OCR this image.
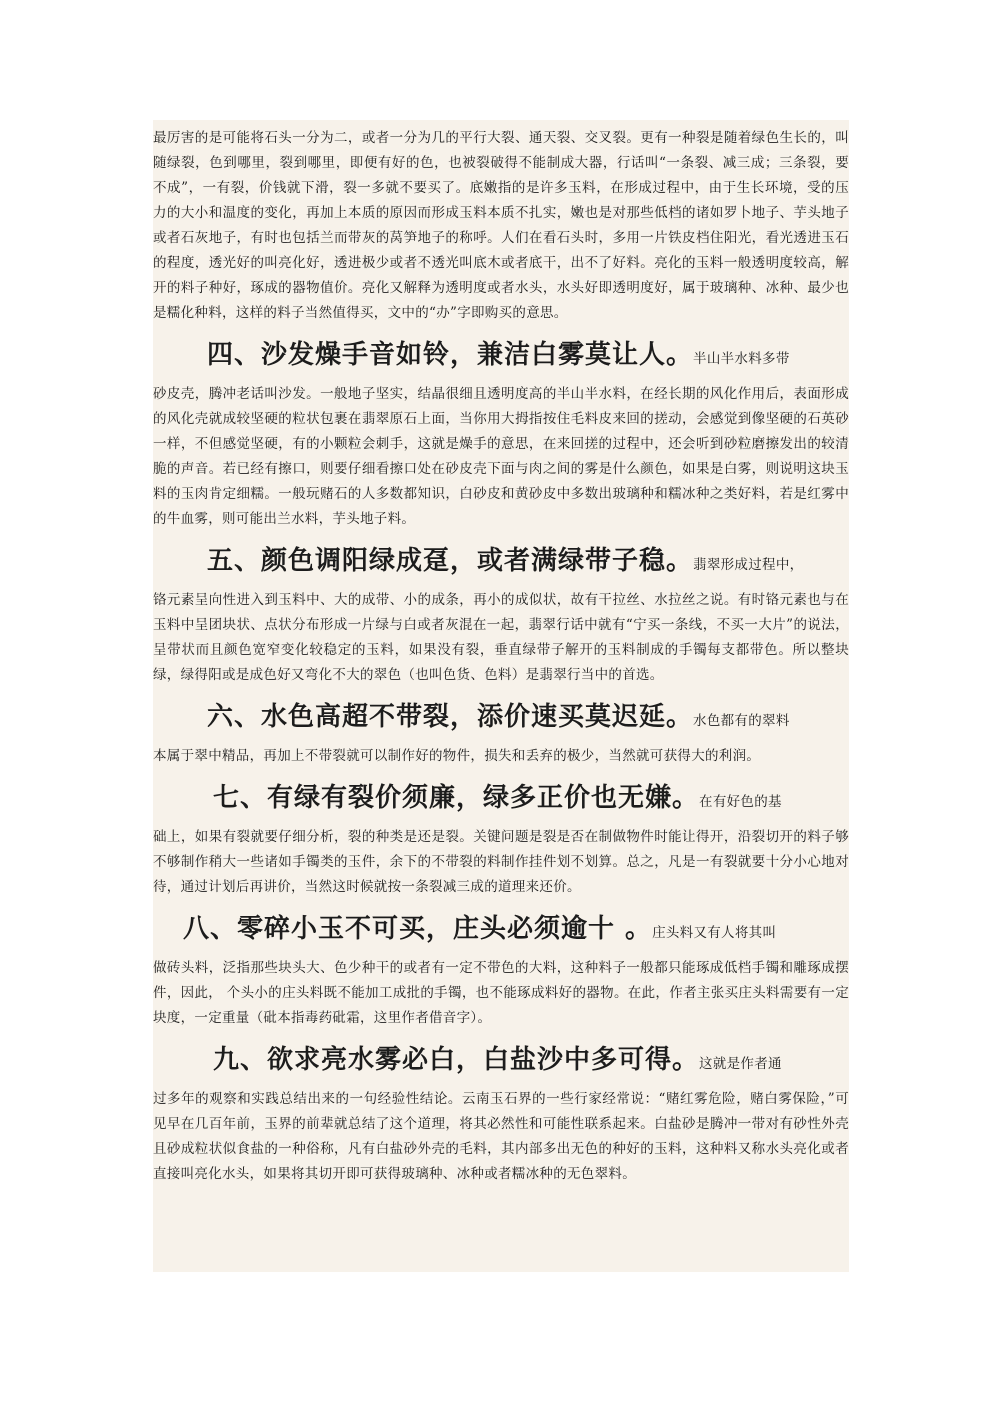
最厉害的是可能将石头一分为二，或者一分为几的平行大裂、通天裂、交叉裂。更有一种裂是随着绿色生长的，叫随绿裂，色到哪里，裂到哪里，即便有好的色，也被裂破得不能制成大器，行话叫“一条裂、减三成；三条裂，要不成”，一有裂，价钱就下滑，裂一多就不要买了。底嫩指的是许多玉料，在形成过程中，由于生长环境，受的压力的大小和温度的变化，再加上本质的原因而形成玉料本质不扎实，嫩也是对那些低档的诸如罗卜地子、芋头地子或者石灰地子，有时也包括兰而带灰的莴笋地子的称呼。人们在看石头时，多用一片铁皮档住阳光，看光透进玉石的程度，透光好的叫亮化好，透进极少或者不透光叫底木或者底干，出不了好料。亮化的玉料一般透明度较高，解开的料子种好，琢成的器物值价。亮化又解释为透明度或者水头，水头好即透明度好，属于玻璃种、冰种、最少也是糯化种料，这样的料子当然值得买，文中的“办”字即购买的意思。

四、沙发燥手音如铃，兼洁白雾莫让人。半山半水料多带

砂皮壳，腾冲老话叫沙发。一般地子坚实，结晶很细且透明度高的半山半水料，在经长期的风化作用后，表面形成的风化壳就成较坚硬的粒状包裹在翡翠原石上面，当你用大拇指按住毛料皮来回的搓动，会感觉到像坚硬的石英砂一样，不但感觉坚硬，有的小颗粒会刺手，这就是燥手的意思，在来回搓的过程中，还会听到砂粒磨擦发出的较清脆的声音。若已经有擦口，则要仔细看擦口处在砂皮壳下面与肉之间的雾是什么颜色，如果是白雾，则说明这块玉料的玉肉肯定细糯。一般玩赌石的人多数都知识，白砂皮和黄砂皮中多数出玻璃种和糯冰种之类好料，若是红雾中的牛血雾，则可能出兰水料，芋头地子料。

五、颜色调阳绿成趸，或者满绿带子稳。翡翠形成过程中，

铬元素呈向性进入到玉料中、大的成带、小的成条，再小的成似状，故有干拉丝、水拉丝之说。有时铬元素也与在玉料中呈团块状、点状分布形成一片绿与白或者灰混在一起，翡翠行话中就有“宁买一条线，不买一大片”的说法，呈带状而且颜色宽窄变化较稳定的玉料，如果没有裂，垂直绿带子解开的玉料制成的手镯每支都带色。所以整块绿，绿得阳或是成色好又弯化不大的翠色（也叫色货、色料）是翡翠行当中的首选。

六、水色高超不带裂，添价速买莫迟延。水色都有的翠料

本属于翠中精品，再加上不带裂就可以制作好的物件，损失和丢弃的极少，当然就可获得大的利润。

七、有绿有裂价须廉，绿多正价也无嫌。在有好色的基

础上，如果有裂就要仔细分析，裂的种类是还是裂。关键问题是裂是否在制做物件时能让得开，沿裂切开的料子够不够制作稍大一些诸如手镯类的玉件，余下的不带裂的料制作挂件划不划算。总之，凡是一有裂就要十分小心地对待，通过计划后再讲价，当然这时候就按一条裂减三成的道理来还价。

八、零碎小玉不可买，庄头必须逾十 。庄头料又有人将其叫

做砖头料，泛指那些块头大、色少种干的或者有一定不带色的大料，这种料子一般都只能琢成低档手镯和雕琢成摆件，因此， 个头小的庄头料既不能加工成批的手镯，也不能琢成料好的器物。在此，作者主张买庄头料需要有一定块度，一定重量（砒本指毒药砒霜，这里作者借音字）。

九、欲求亮水雾必白，白盐沙中多可得。这就是作者通

过多年的观察和实践总结出来的一句经验性结论。云南玉石界的一些行家经常说：“赌红雾危险，赌白雾保险，”可见早在几百年前，玉界的前辈就总结了这个道理，将其必然性和可能性联系起来。白盐砂是腾冲一带对有砂性外壳且砂成粒状似食盐的一种俗称，凡有白盐砂外壳的毛料，其内部多出无色的种好的玉料，这种料又称水头亮化或者直接叫亮化水头，如果将其切开即可获得玻璃种、冰种或者糯冰种的无色翠料。
